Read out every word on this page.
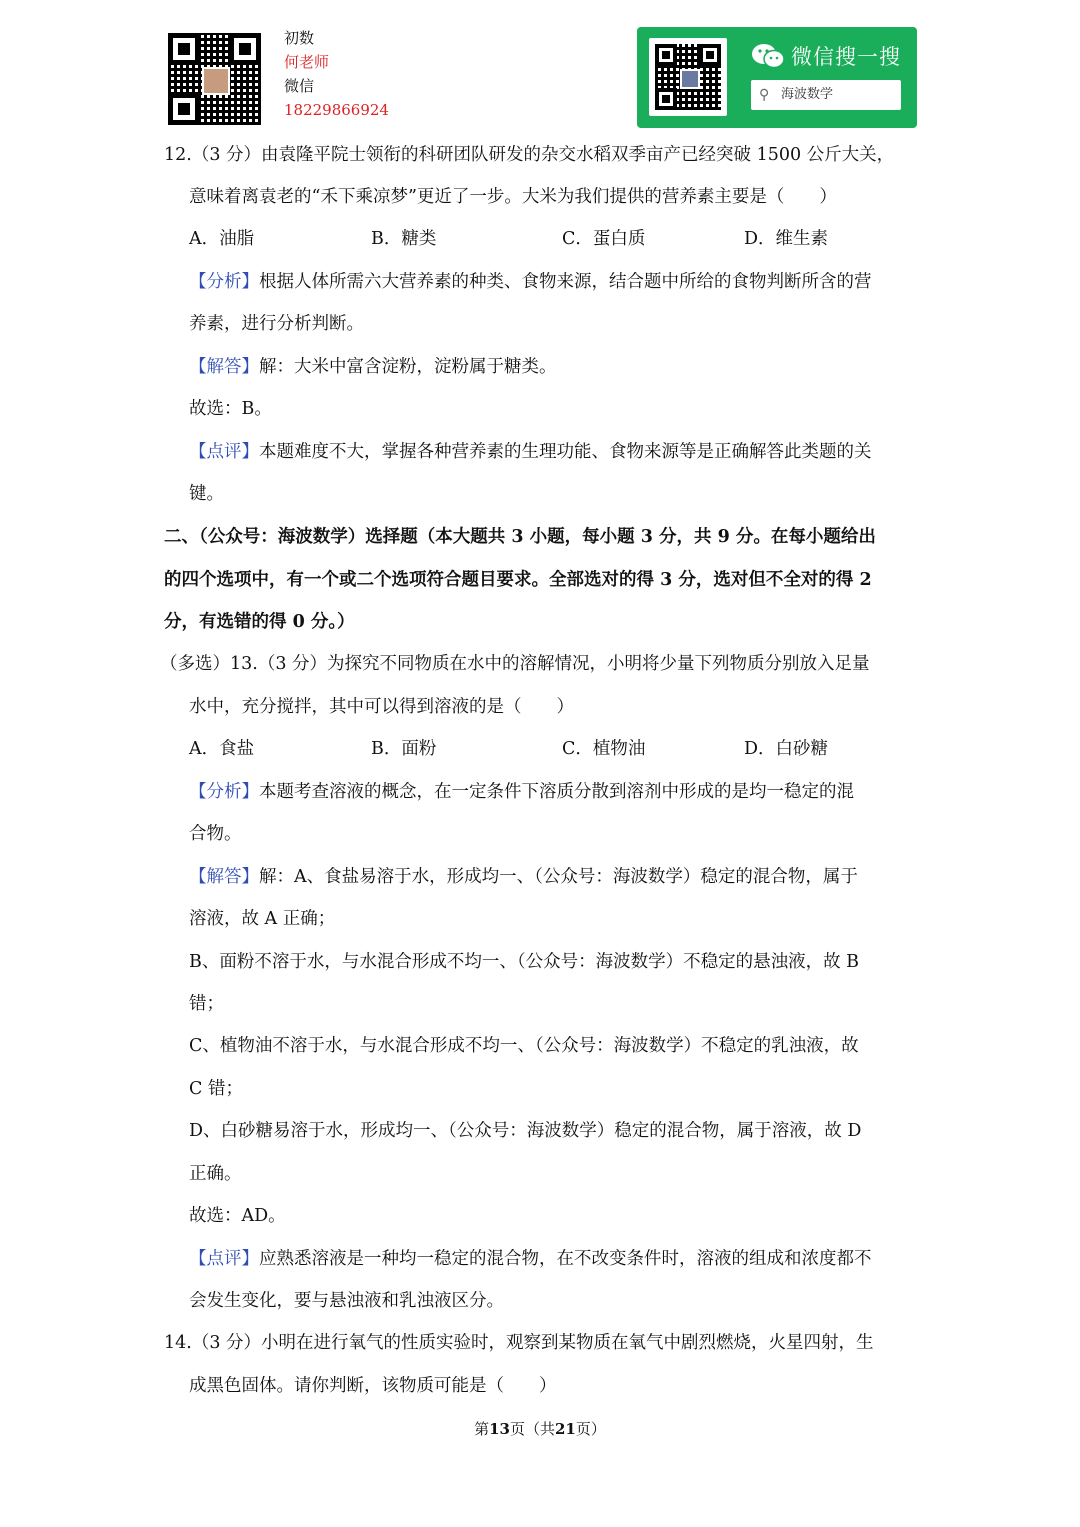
初数
何老师
微信
18229866924
微信搜一搜
⚲ 海波数学
12.（3 分）由袁隆平院士领衔的科研团队研发的杂交水稻双季亩产已经突破 1500 公斤大关，
意味着离袁老的“禾下乘凉梦”更近了一步。大米为我们提供的营养素主要是（　　）
A．油脂	B．糖类	C．蛋白质	D．维生素
【分析】根据人体所需六大营养素的种类、食物来源，结合题中所给的食物判断所含的营
养素，进行分析判断。
【解答】解：大米中富含淀粉，淀粉属于糖类。
故选：B。
【点评】本题难度不大，掌握各种营养素的生理功能、食物来源等是正确解答此类题的关
键。
二、（公众号：海波数学）选择题（本大题共 3 小题，每小题 3 分，共 9 分。在每小题给出
的四个选项中，有一个或二个选项符合题目要求。全部选对的得 3 分，选对但不全对的得 2
分，有选错的得 0 分。）
（多选）13.（3 分）为探究不同物质在水中的溶解情况，小明将少量下列物质分别放入足量
水中，充分搅拌，其中可以得到溶液的是（　　）
A．食盐	B．面粉	C．植物油	D．白砂糖
【分析】本题考查溶液的概念，在一定条件下溶质分散到溶剂中形成的是均一稳定的混
合物。
【解答】解：A、食盐易溶于水，形成均一、（公众号：海波数学）稳定的混合物，属于
溶液，故 A 正确；
B、面粉不溶于水，与水混合形成不均一、（公众号：海波数学）不稳定的悬浊液，故 B
错；
C、植物油不溶于水，与水混合形成不均一、（公众号：海波数学）不稳定的乳浊液，故
C 错；
D、白砂糖易溶于水，形成均一、（公众号：海波数学）稳定的混合物，属于溶液，故 D
正确。
故选：AD。
【点评】应熟悉溶液是一种均一稳定的混合物，在不改变条件时，溶液的组成和浓度都不
会发生变化，要与悬浊液和乳浊液区分。
14.（3 分）小明在进行氧气的性质实验时，观察到某物质在氧气中剧烈燃烧，火星四射，生
成黑色固体。请你判断，该物质可能是（　　）
第13页（共21页）
